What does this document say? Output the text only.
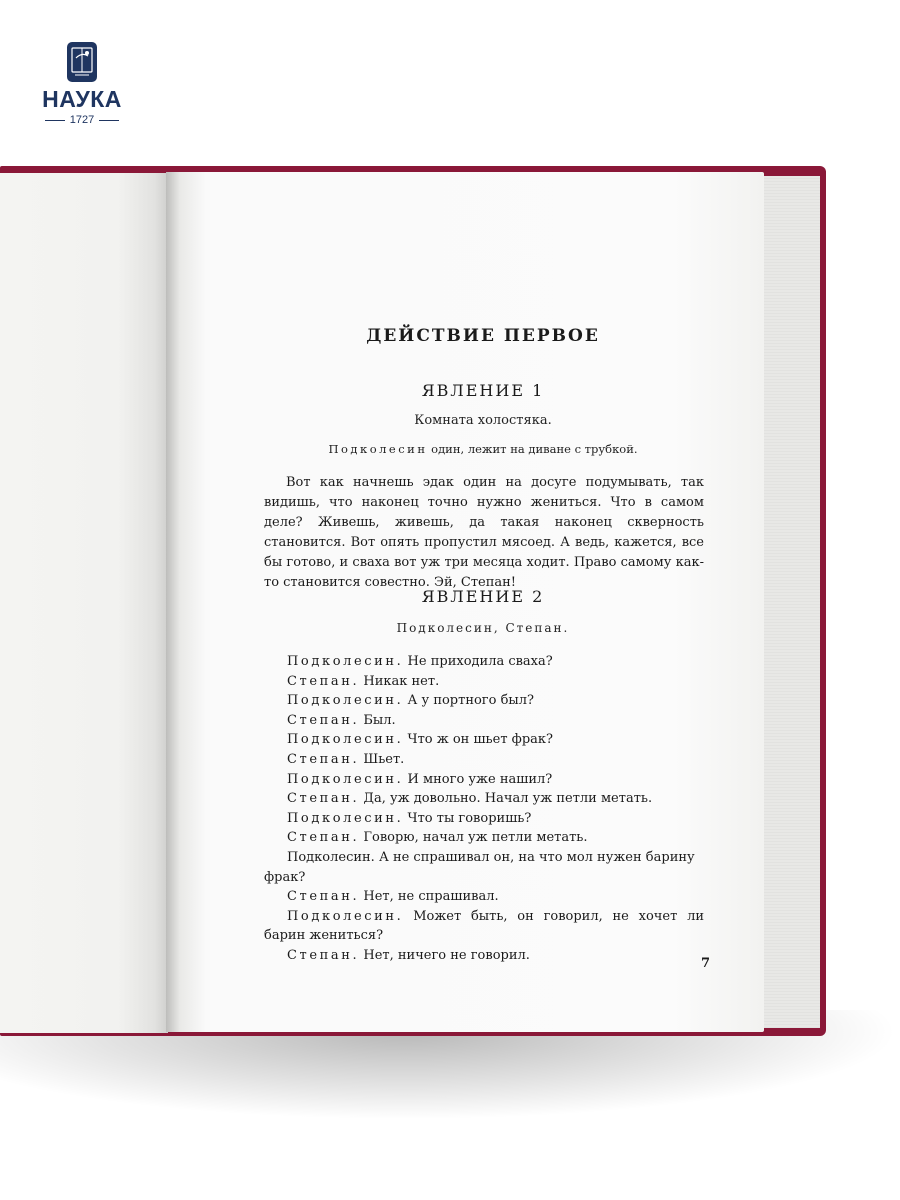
НАУКА
1727
ДЕЙСТВИЕ ПЕРВОЕ
ЯВЛЕНИЕ 1
Комната холостяка.
Подколесин один, лежит на диване с трубкой.

Вот как начнешь эдак один на досуге подумывать, так видишь, что наконец точно нужно жениться. Что в самом деле? Живешь, живешь, да такая наконец скверность становится. Вот опять пропустил мясоед. А ведь, кажется, все бы готово, и сваха вот уж три месяца ходит. Право самому как-то становится совестно. Эй, Степан!

ЯВЛЕНИЕ 2
Подколесин, Степан.
Подколесин. Не приходила сваха?
Степан. Никак нет.
Подколесин. А у портного был?
Степан. Был.
Подколесин. Что ж он шьет фрак?
Степан. Шьет.
Подколесин. И много уже нашил?
Степан. Да, уж довольно. Начал уж петли метать.
Подколесин. Что ты говоришь?
Степан. Говорю, начал уж петли метать.
Подколесин. А не спрашивал он, на что мол нужен барину фрак?
Степан. Нет, не спрашивал.
Подколесин. Может быть, он говорил, не хочет ли барин жениться?
Степан. Нет, ничего не говорил.
7
